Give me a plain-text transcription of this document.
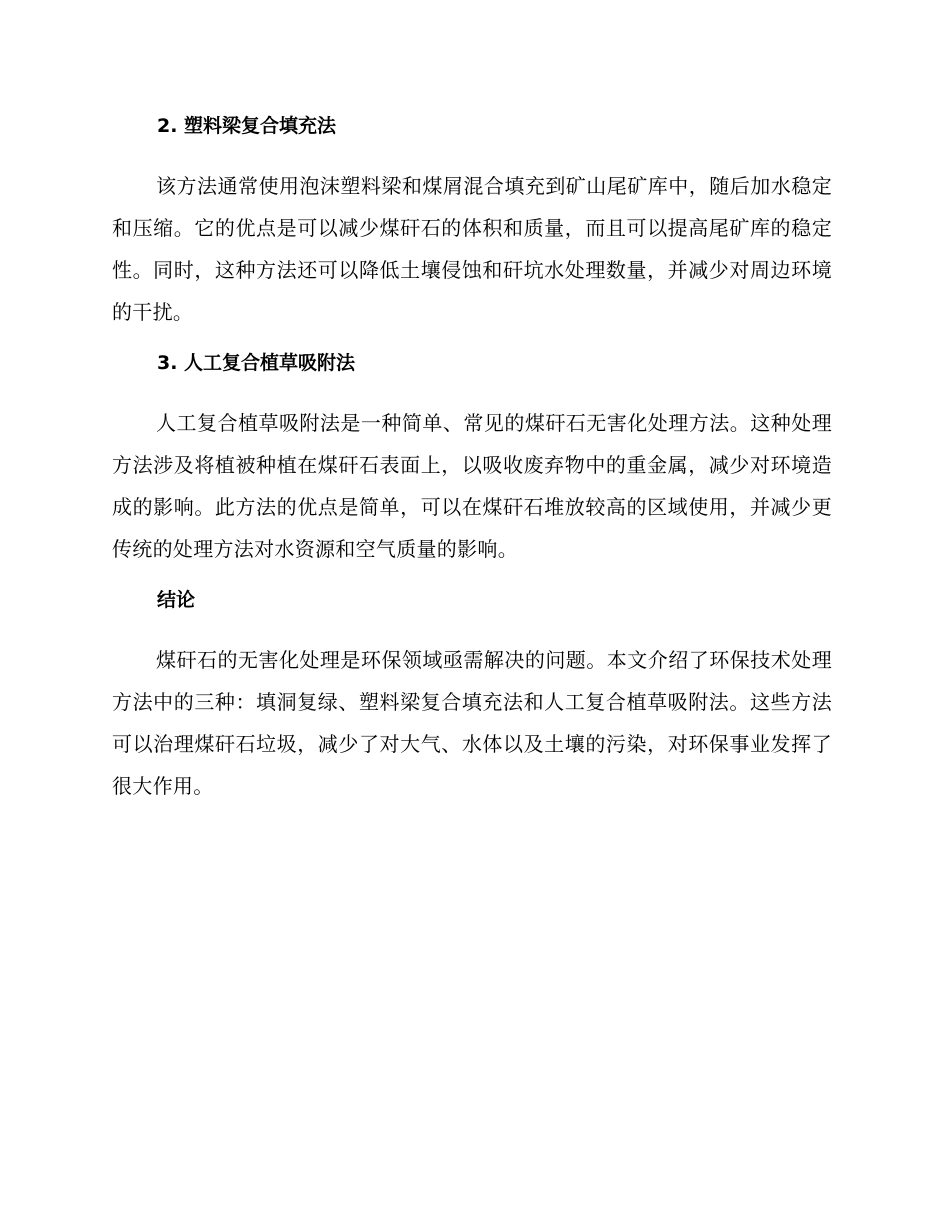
2. 塑料梁复合填充法

该方法通常使用泡沫塑料梁和煤屑混合填充到矿山尾矿库中，随后加水稳定和压缩。它的优点是可以减少煤矸石的体积和质量，而且可以提高尾矿库的稳定性。同时，这种方法还可以降低土壤侵蚀和矸坑水处理数量，并减少对周边环境的干扰。

3. 人工复合植草吸附法

人工复合植草吸附法是一种简单、常见的煤矸石无害化处理方法。这种处理方法涉及将植被种植在煤矸石表面上，以吸收废弃物中的重金属，减少对环境造成的影响。此方法的优点是简单，可以在煤矸石堆放较高的区域使用，并减少更传统的处理方法对水资源和空气质量的影响。

结论

煤矸石的无害化处理是环保领域亟需解决的问题。本文介绍了环保技术处理方法中的三种：填洞复绿、塑料梁复合填充法和人工复合植草吸附法。这些方法可以治理煤矸石垃圾，减少了对大气、水体以及土壤的污染，对环保事业发挥了很大作用。
